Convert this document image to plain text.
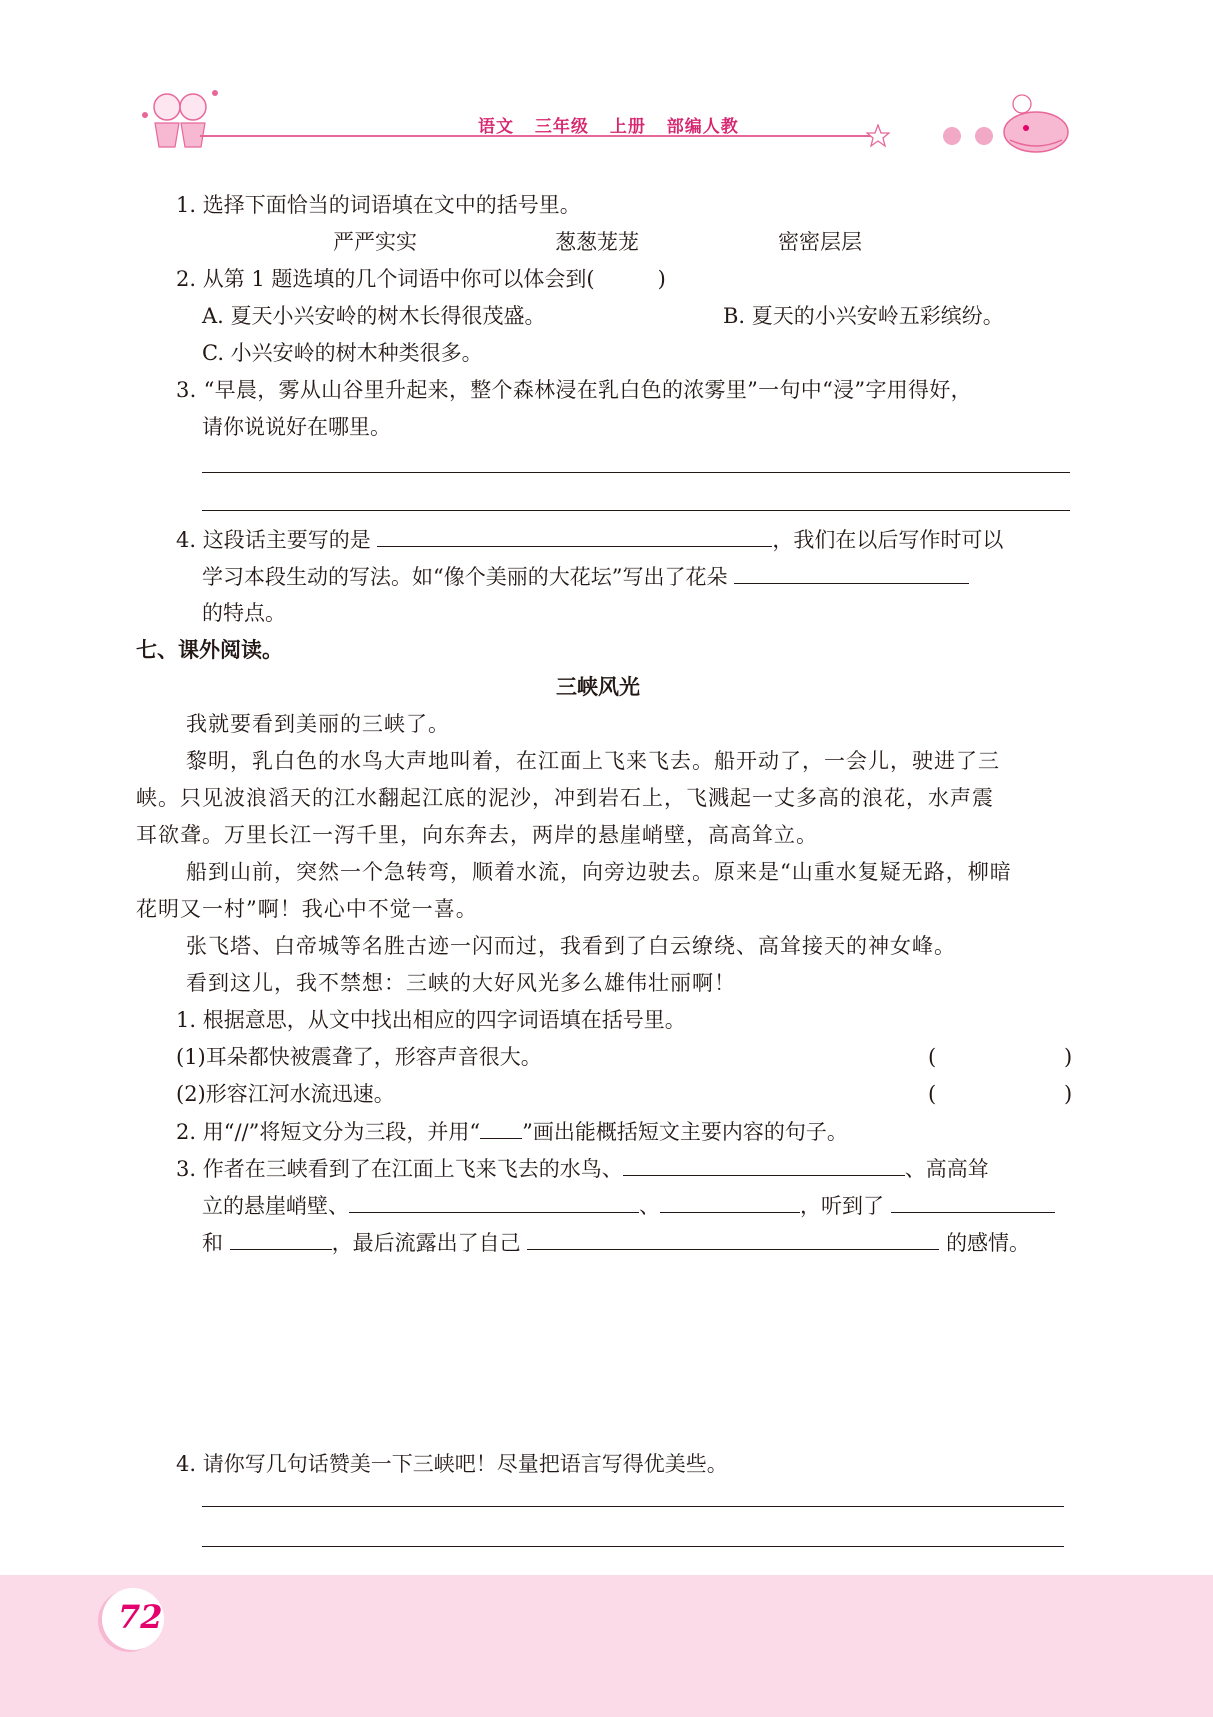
语文 三年级 上册 部编人教
1. 选择下面恰当的词语填在文中的括号里。
严严实实	葱葱茏茏	密密层层
2. 从第 1 题选填的几个词语中你可以体会到(　　　)
A. 夏天小兴安岭的树木长得很茂盛。	B. 夏天的小兴安岭五彩缤纷。
C. 小兴安岭的树木种类很多。
3. “早晨，雾从山谷里升起来，整个森林浸在乳白色的浓雾里”一句中“浸”字用得好，
请你说说好在哪里。
4. 这段话主要写的是	，我们在以后写作时可以
学习本段生动的写法。如“像个美丽的大花坛”写出了花朵
的特点。
七、课外阅读。
三峡风光
我就要看到美丽的三峡了。
黎明，乳白色的水鸟大声地叫着，在江面上飞来飞去。船开动了，一会儿，驶进了三
峡。只见波浪滔天的江水翻起江底的泥沙，冲到岩石上，飞溅起一丈多高的浪花，水声震
耳欲聋。万里长江一泻千里，向东奔去，两岸的悬崖峭壁，高高耸立。
船到山前，突然一个急转弯，顺着水流，向旁边驶去。原来是“山重水复疑无路，柳暗
花明又一村”啊！我心中不觉一喜。
张飞塔、白帝城等名胜古迹一闪而过，我看到了白云缭绕、高耸接天的神女峰。
看到这儿，我不禁想：三峡的大好风光多么雄伟壮丽啊！
1. 根据意思，从文中找出相应的四字词语填在括号里。
(1)耳朵都快被震聋了，形容声音很大。	(	)
(2)形容江河水流迅速。	(	)
2. 用“//”将短文分为三段，并用“ ”画出能概括短文主要内容的句子。
3. 作者在三峡看到了在江面上飞来飞去的水鸟、	、高高耸
立的悬崖峭壁、	、	，听到了
和	，最后流露出了自己	的感情。
4. 请你写几句话赞美一下三峡吧！尽量把语言写得优美些。
72
